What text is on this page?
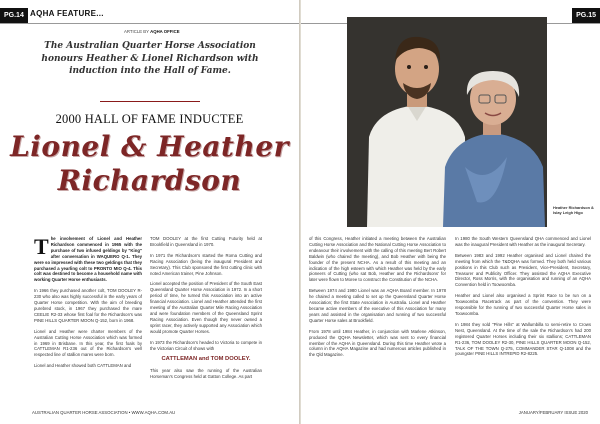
PG.14 AQHA FEATURE...
ARTICLE BY AQHA OFFICE
The Australian Quarter Horse Association honours Heather & Lionel Richardson with induction into the Hall of Fame.
2000 HALL OF FAME INDUCTEE
Lionel & Heather
Richardson

The involvement of Lionel and Heather Richardson commenced in 1965 with the purchase of two infused geldings by "King" after conversation in WAQUERO Q-1. They were so impressed with these two geldings that they purchased a yearling colt to PRONTO MIO Q-4. This colt was destined to become a household name with working Quarter Horse enthusiasts.

In 1966 they purchased another colt, TOM DOOLEY R-230 who also was highly successful in the early years of Quarter Horse competition. With the aim of breeding purebred stock, in 1967 they purchased the mare CEELIE R2-33 whose first foal for the Richardson's was PINE HILLS QUARTER MOON Q-152, born in 1968.

Lionel and Heather were charter members of the Australian Cutting Horse Association which was formed in 1969 in Brisbane. In this year, the first foals by CATTLEMAN R1-236 out of the Richardson's well respected line of stallion mares were born.

Lionel and Heather showed both CATTLEMAN and

TOM DOOLEY at the first Cutting Futurity held at Brookfield in Queensland in 1970.

In 1971 the Richardson's started the Roma Cutting and Racing Association (being the inaugural President and Secretary). This Club sponsored the first cutting clinic with noted American trainer, Pine Johnson.

Lionel accepted the position of President of the South East Queensland Quarter Horse Association in 1972. In a short period of time, he turned this Association into an active financial Association. Lionel and Heather attended the first meeting of the Australian Quarter Mile Racing Association and were foundation members of the Queensland Sprint Racing Association. Even though they never owned a sprint racer, they actively supported any Association which would promote Quarter Horses.

In 1973 the Richardson's headed to Victoria to compete in the Victorian Circuit of shows with

CATTLEMAN and TOM DOOLEY.

This year also saw the running of the Australian Horseman's Congress held at Gatton College. As part

AUSTRALIAN QUARTER HORSE ASSOCIATION • WWW.AQHA.COM.AU
PG.15
Heather Richardson & Islay Leigh Higo

of this Congress, Heather initiated a meeting between the Australian Cutting Horse Association and the National Cutting Horse Association to endeavour their involvement with the calling of this meeting Bert Robert Baldwin (who chaired the meeting), and Bob Heather with being the founder of the present NCHA. As a result of this meeting and an indication of the high esteem with which Heather was held by the early pioneers of Cutting (who sat Bob, Heather and the Richardsons' for later were flown to Moree to construct the Constitution of the NCHA.

Between 1974 and 1980 Lionel was an AQHA Board member. In 1978 he chaired a meeting called to set up the Queensland Quarter Horse Association; the first State Association in Australia. Lionel and Heather became active members of the executive of this Association for many years and assisted in the organisation and running of two successful Quarter Horse sales at Brookfield.

From 1978 until 1984 Heather, in conjunction with Marlene Atkinson, produced the QQHA Newsletter, which was sent to every financial member of the AQHA in Queensland. During this time Heather wrote a column in the AQHA Magazine and had numerous articles published in the Qld Magazine.

In 1980 the South Western Queensland QHA commenced and Lionel was the inaugural President with Heather as the inaugural Secretary.

Between 1983 and 1992 Heather organised and Lionel chaired the meeting from which the T&DQHA was formed. They both held various positions in this Club such as President, Vice-President, Secretary, Treasurer and Publicity Officer. They assisted the AQHA Executive Director, Ross Morris, with the organisation and running of an AQHA Convention held in Toowoomba.

Heather and Lionel also organised a Sprint Race to be run on a Toowoomba Racetrack as part of the convention. They were responsible for the running of two successful Quarter Horse sales in Toowoomba.

In 1984 they sold "Pine Hills" at Wallumbilla to semi-retire to Crows Nest, Queensland. At the time of the sale the Richardson's had 200 registered Quarter Horses including their six stallions; CATTLEMAN R1-236, TOM DOOLEY R2-30, PINE HILLS QUARTER MOON Q-152, TALK OF THE TOWN Q-275, COMMANDER STAR Q-1008 and the youngster PINE HILLS INTREPID R2-8225.

JANUARY/FEBRUARY ISSUE 2020
